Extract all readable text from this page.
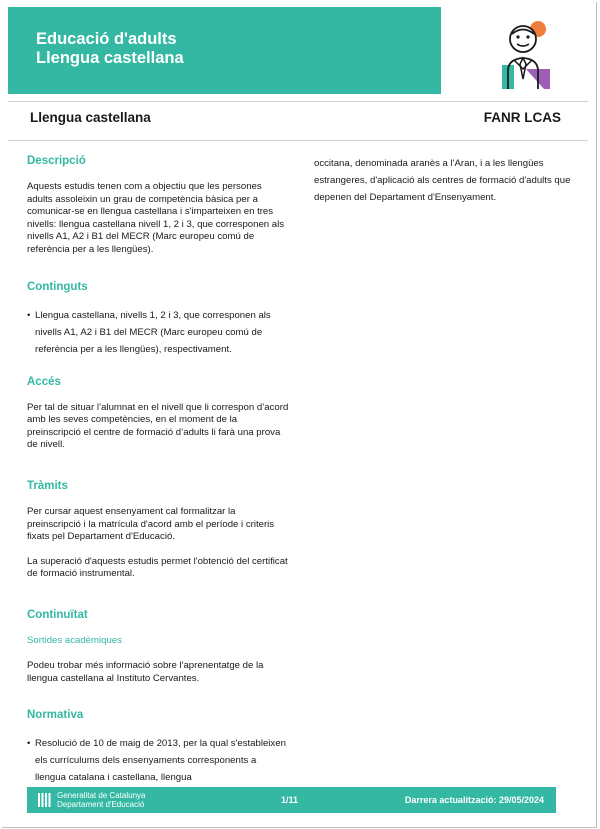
Educació d'adults
Llengua castellana
Llengua castellana	FANR LCAS
Descripció

Aquests estudis tenen com a objectiu que les persones adults assoleixin un grau de competència bàsica per a comunicar-se en llengua castellana i s'imparteixen en tres nivells: llengua castellana nivell 1, 2 i 3, que corresponen als nivells A1, A2 i B1 del MECR (Marc europeu comú de referència per a les llengües).

Continguts
• Llengua castellana, nivells 1, 2 i 3, que corresponen als nivells A1, A2 i B1 del MECR (Marc europeu comú de referència per a les llengües), respectivament.
Accés

Per tal de situar l’alumnat en el nivell que li correspon d’acord amb les seves competències, en el moment de la preinscripció el centre de formació d’adults li farà una prova de nivell.

Tràmits

Per cursar aquest ensenyament cal formalitzar la preinscripció i la matrícula d'acord amb el període i criteris fixats pel Departament d'Educació.

La superació d'aquests estudis permet l'obtenció del certificat de formació instrumental.

Continuïtat
Sortides acadèmiques

Podeu trobar més informació sobre l'aprenentatge de la llengua castellana al Instituto Cervantes.

Normativa
• Resolució de 10 de maig de 2013, per la qual s'estableixen els currículums dels ensenyaments corresponents a llengua catalana i castellana, llengua

occitana, denominada aranès a l'Aran, i a les llengües estrangeres, d'aplicació als centres de formació d'adults que depenen del Departament d'Ensenyament.

Generalitat de Catalunya
Departament d'Educació	1/11	Darrera actualització: 29/05/2024
